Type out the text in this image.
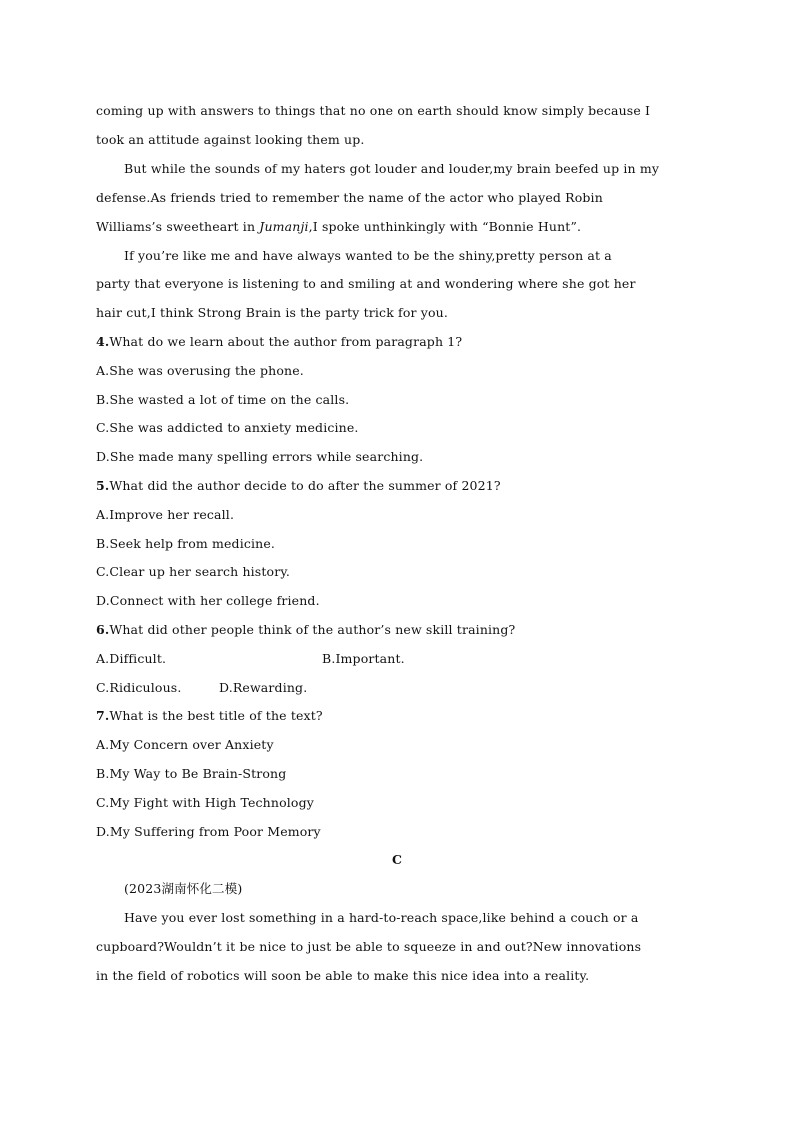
coming up with answers to things that no one on earth should know simply because I
took an attitude against looking them up.
But while the sounds of my haters got louder and louder,my brain beefed up in my
defense.As friends tried to remember the name of the actor who played Robin
Williams’s sweetheart in Jumanji,I spoke unthinkingly with “Bonnie Hunt”.
If you’re like me and have always wanted to be the shiny,pretty person at a
party that everyone is listening to and smiling at and wondering where she got her
hair cut,I think Strong Brain is the party trick for you.
4.What do we learn about the author from paragraph 1?
A.She was overusing the phone.
B.She wasted a lot of time on the calls.
C.She was addicted to anxiety medicine.
D.She made many spelling errors while searching.
5.What did the author decide to do after the summer of 2021?
A.Improve her recall.
B.Seek help from medicine.
C.Clear up her search history.
D.Connect with her college friend.
6.What did other people think of the author’s new skill training?
A.Difficult.	B.Important.
C.Ridiculous.	D.Rewarding.
7.What is the best title of the text?
A.My Concern over Anxiety
B.My Way to Be Brain-Strong
C.My Fight with High Technology
D.My Suffering from Poor Memory
C
(2023湖南怀化二模)
Have you ever lost something in a hard-to-reach space,like behind a couch or a
cupboard?Wouldn’t it be nice to just be able to squeeze in and out?New innovations
in the field of robotics will soon be able to make this nice idea into a reality.
